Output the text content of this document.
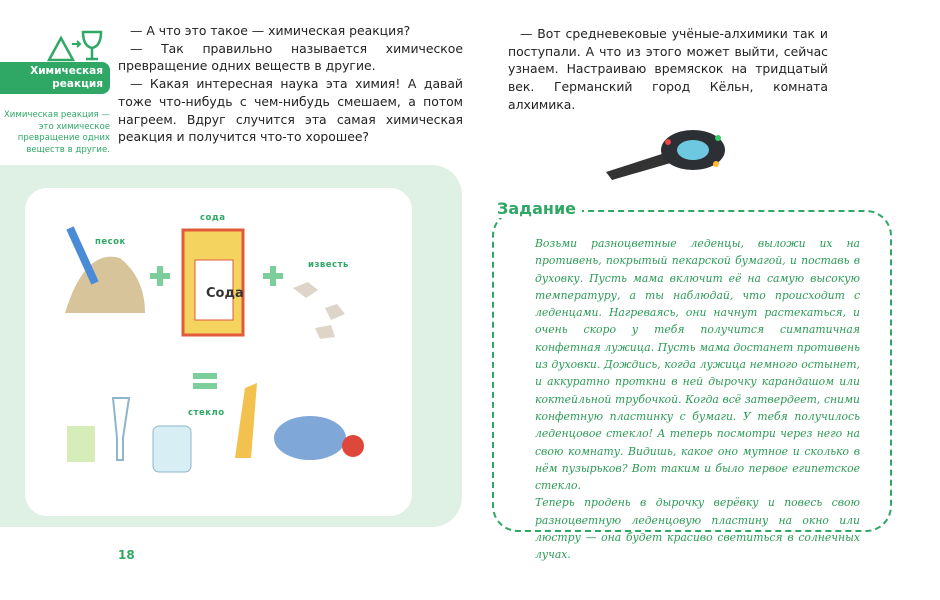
Химическая реакция
Химическая реакция — это химическое превращение одних веществ в другие.

— А что это такое — химическая реакция?

— Так правильно называется химическое превращение одних веществ в другие.

— Какая интересная наука эта химия! А давай тоже что-нибудь с чем-нибудь смешаем, а потом нагреем. Вдруг случится эта самая химическая реакция и получится что-то хорошее?

— Вот средневековые учёные-алхимики так и поступали. А что из этого может выйти, сейчас узнаем. Настраиваю времяскок на тридцатый век. Германский город Кёльн, комната алхимика.

песок
сода
известь
стекло
Сода
Задание

Возьми разноцветные леденцы, выложи их на противень, покрытый пекарской бумагой, и поставь в духовку. Пусть мама включит её на самую высокую температуру, а ты наблюдай, что происходит с леденцами. Нагреваясь, они начнут растекаться, и очень скоро у тебя получится симпатичная конфетная лужица. Пусть мама достанет противень из духовки. Дождись, когда лужица немного остынет, и аккуратно проткни в ней дырочку карандашом или коктейльной трубочкой. Когда всё затвердеет, сними конфетную пластинку с бумаги. У тебя получилось леденцовое стекло! А теперь посмотри через него на свою комнату. Видишь, какое оно мутное и сколько в нём пузырьков? Вот таким и было первое египетское стекло.

Теперь продень в дырочку верёвку и повесь свою разноцветную леденцовую пластину на окно или люстру — она будет красиво светиться в солнечных лучах.

18
